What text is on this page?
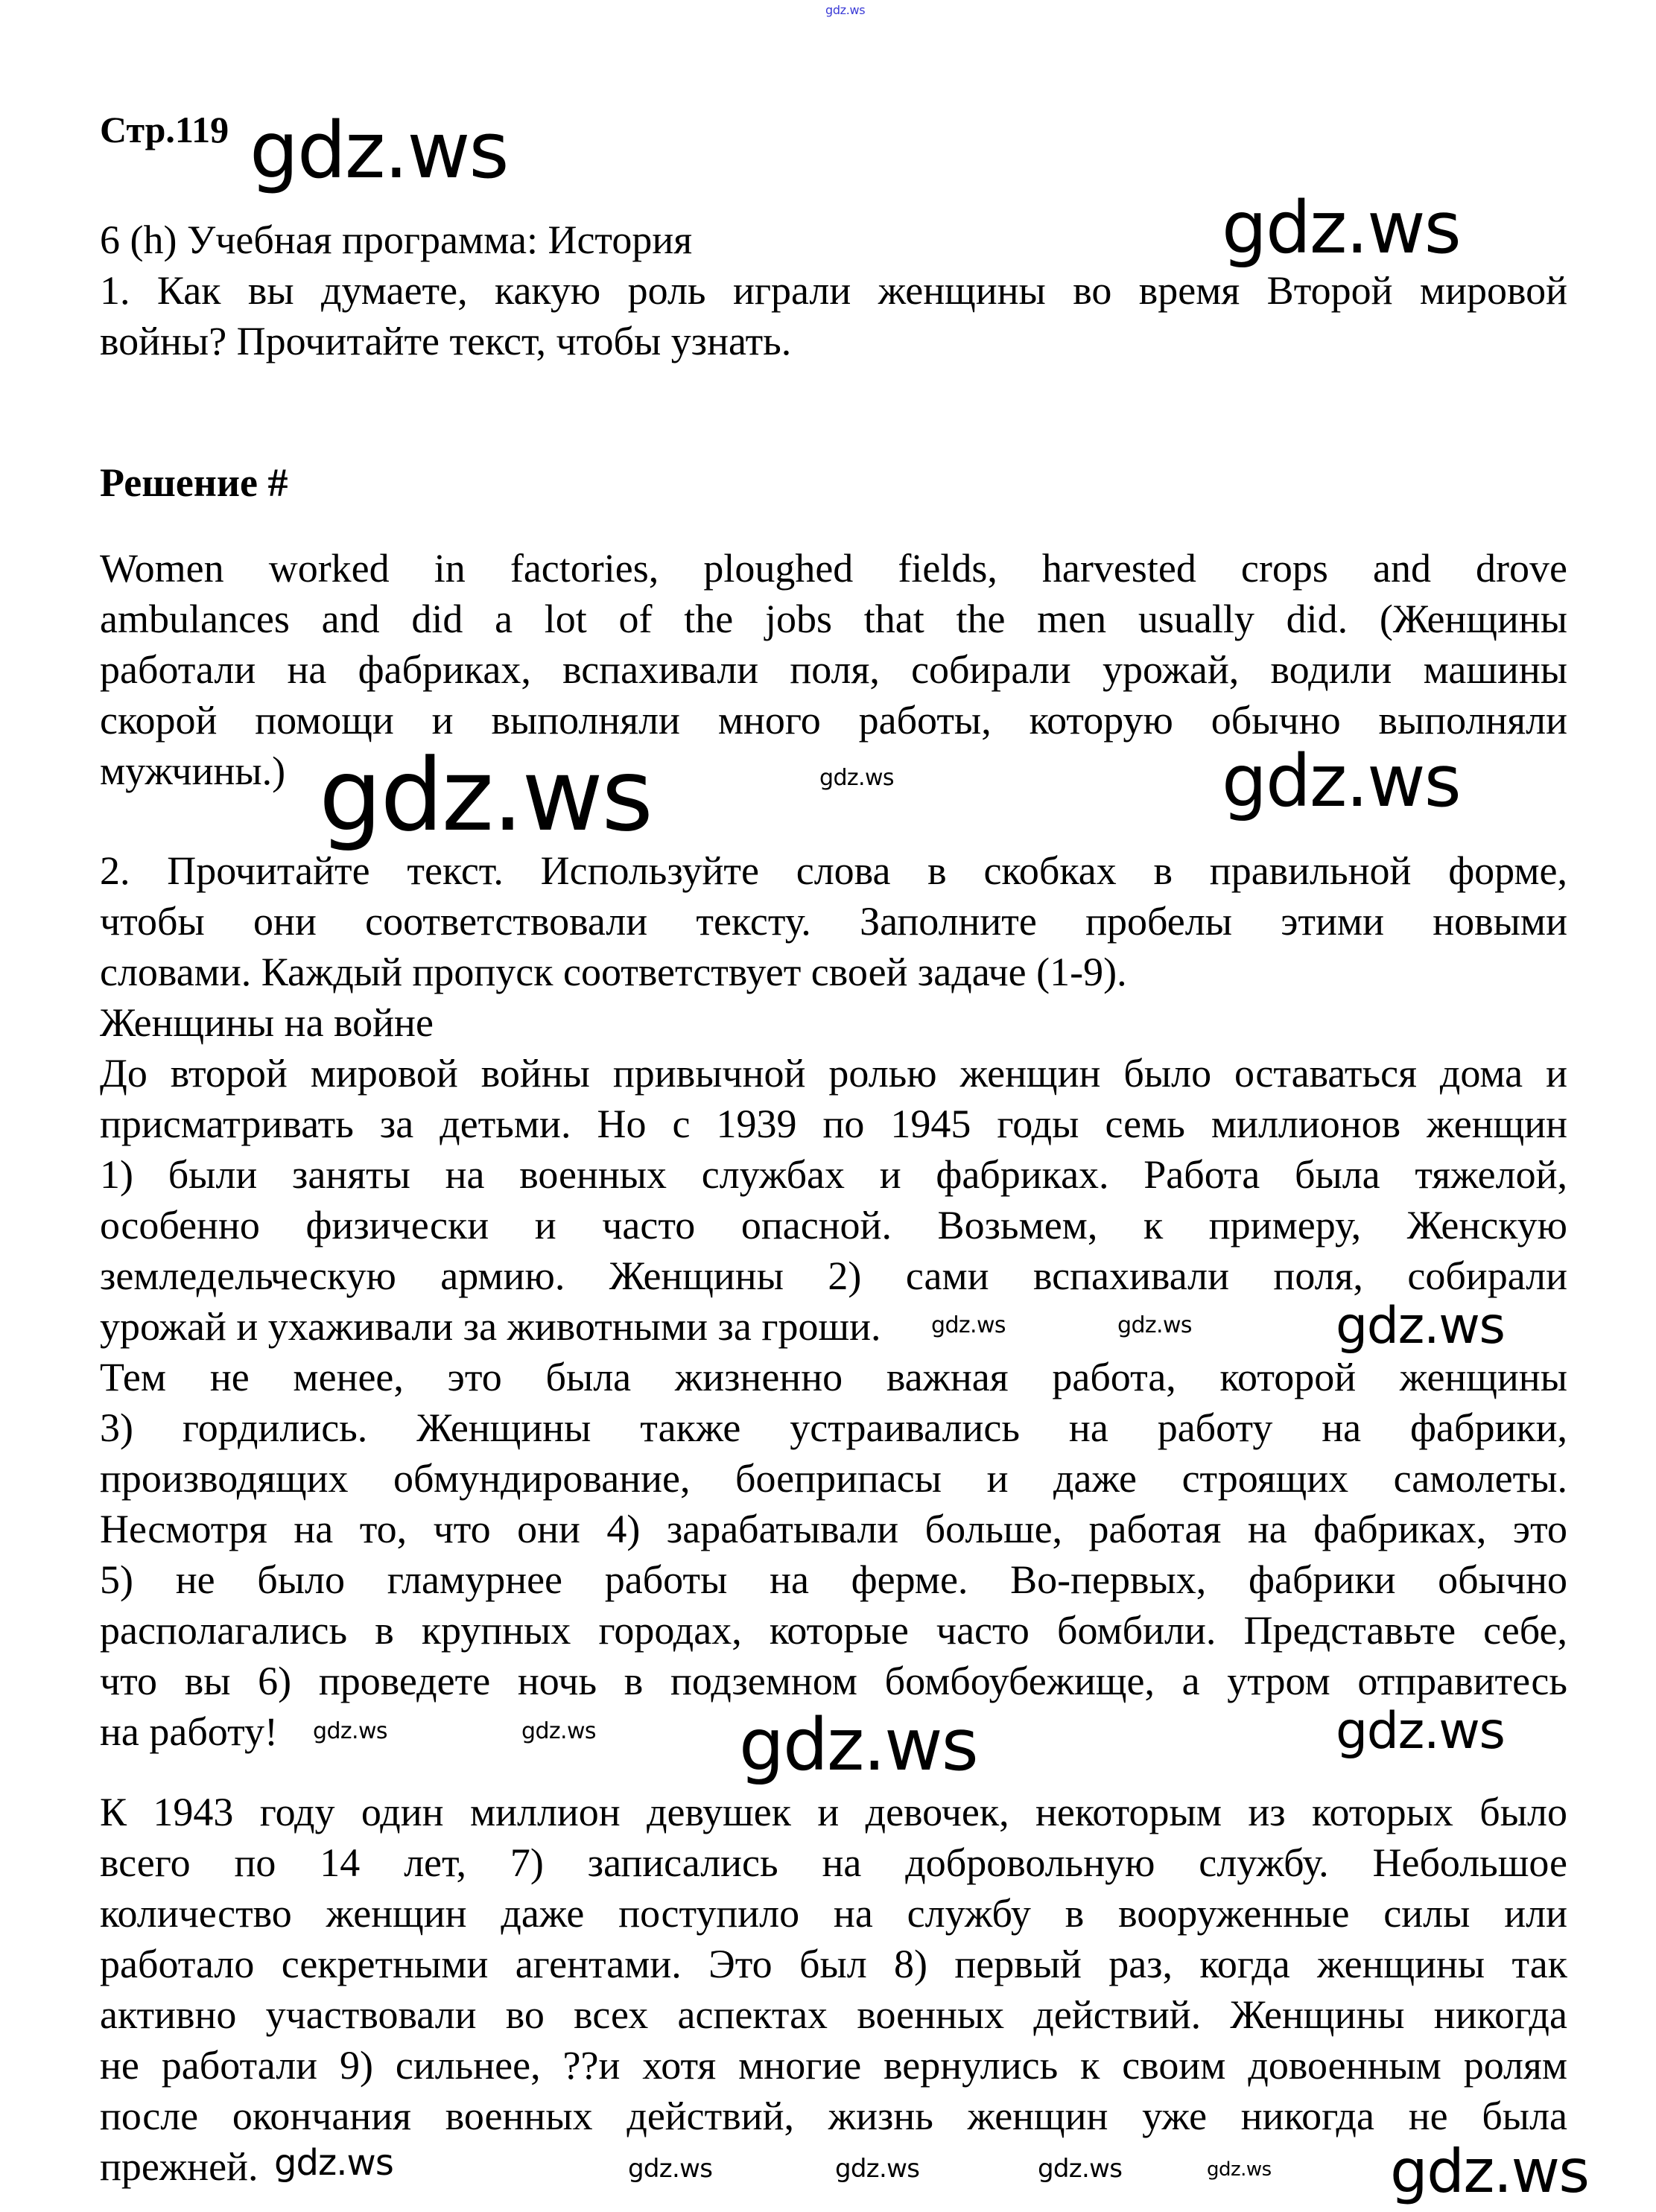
gdz.ws
Стр.119
6 (h) Учебная программа: История
1. Как вы думаете, какую роль играли женщины во время Второй мировой
войны? Прочитайте текст, чтобы узнать.
Решение #
Women worked in factories, ploughed fields, harvested crops and drove
ambulances and did a lot of the jobs that the men usually did. (Женщины
работали на фабриках, вспахивали поля, собирали урожай, водили машины
скорой помощи и выполняли много работы, которую обычно выполняли
мужчины.)
2. Прочитайте текст. Используйте слова в скобках в правильной форме,
чтобы они соответствовали тексту. Заполните пробелы этими новыми
словами. Каждый пропуск соответствует своей задаче (1-9).
Женщины на войне
До второй мировой войны привычной ролью женщин было оставаться дома и
присматривать за детьми. Но с 1939 по 1945 годы семь миллионов женщин
1) были заняты на военных службах и фабриках. Работа была тяжелой,
особенно физически и часто опасной. Возьмем, к примеру, Женскую
земледельческую армию. Женщины 2) сами вспахивали поля, собирали
урожай и ухаживали за животными за гроши.
Тем не менее, это была жизненно важная работа, которой женщины
3) гордились. Женщины также устраивались на работу на фабрики,
производящих обмундирование, боеприпасы и даже строящих самолеты.
Несмотря на то, что они 4) зарабатывали больше, работая на фабриках, это
5) не было гламурнее работы на ферме. Во-первых, фабрики обычно
располагались в крупных городах, которые часто бомбили. Представьте себе,
что вы 6) проведете ночь в подземном бомбоубежище, а утром отправитесь
на работу!
К 1943 году один миллион девушек и девочек, некоторым из которых было
всего по 14 лет, 7) записались на добровольную службу. Небольшое
количество женщин даже поступило на службу в вооруженные силы или
работало секретными агентами. Это был 8) первый раз, когда женщины так
активно участвовали во всех аспектах военных действий. Женщины никогда
не работали 9) сильнее, ??и хотя многие вернулись к своим довоенным ролям
после окончания военных действий, жизнь женщин уже никогда не была
прежней.
gdz.ws
gdz.ws
gdz.ws	gdz.ws
gdz.ws
gdz.ws
gdz.ws	gdz.ws
gdz.ws	gdz.ws gdz.ws	gdz.ws
gdz.ws	gdz.ws	gdz.ws	gdz.ws	gdz.ws gdz.ws
